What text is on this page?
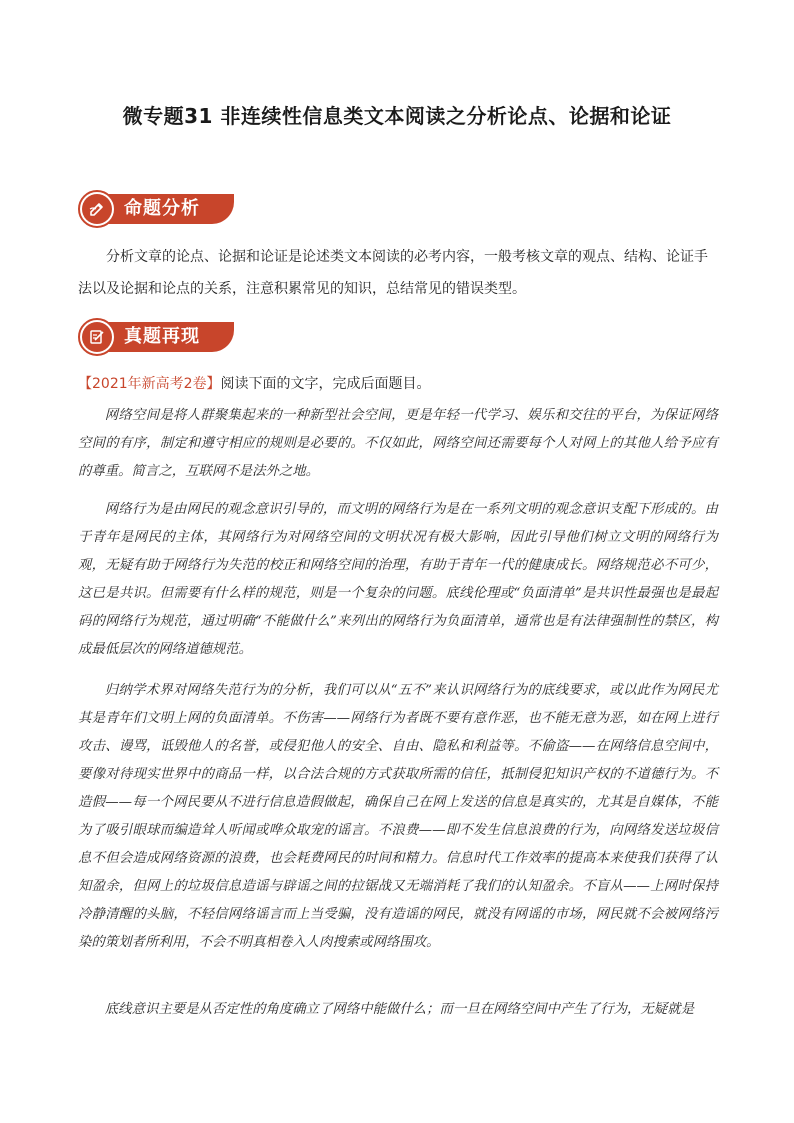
微专题31 非连续性信息类文本阅读之分析论点、论据和论证
命题分析

分析文章的论点、论据和论证是论述类文本阅读的必考内容，一般考核文章的观点、结构、论证手法以及论据和论点的关系，注意积累常见的知识，总结常见的错误类型。

真题再现
【2021年新高考2卷】阅读下面的文字，完成后面题目。

网络空间是将人群聚集起来的一种新型社会空间，更是年轻一代学习、娱乐和交往的平台，为保证网络空间的有序，制定和遵守相应的规则是必要的。不仅如此，网络空间还需要每个人对网上的其他人给予应有的尊重。简言之，互联网不是法外之地。

网络行为是由网民的观念意识引导的，而文明的网络行为是在一系列文明的观念意识支配下形成的。由于青年是网民的主体，其网络行为对网络空间的文明状况有极大影响，因此引导他们树立文明的网络行为观，无疑有助于网络行为失范的校正和网络空间的治理，有助于青年一代的健康成长。网络规范必不可少，这已是共识。但需要有什么样的规范，则是一个复杂的问题。底线伦理或“负面清单”是共识性最强也是最起码的网络行为规范，通过明确“不能做什么”来列出的网络行为负面清单，通常也是有法律强制性的禁区，构成最低层次的网络道德规范。

归纳学术界对网络失范行为的分析，我们可以从“五不”来认识网络行为的底线要求，或以此作为网民尤其是青年们文明上网的负面清单。不伤害——网络行为者既不要有意作恶，也不能无意为恶，如在网上进行攻击、谩骂，诋毁他人的名誉，或侵犯他人的安全、自由、隐私和利益等。不偷盗——在网络信息空间中，要像对待现实世界中的商品一样，以合法合规的方式获取所需的信任，抵制侵犯知识产权的不道德行为。不造假——每一个网民要从不进行信息造假做起，确保自己在网上发送的信息是真实的，尤其是自媒体，不能为了吸引眼球而编造耸人听闻或哗众取宠的谣言。不浪费——即不发生信息浪费的行为，向网络发送垃圾信息不但会造成网络资源的浪费，也会耗费网民的时间和精力。信息时代工作效率的提高本来使我们获得了认知盈余，但网上的垃圾信息造谣与辟谣之间的拉锯战又无端消耗了我们的认知盈余。不盲从——上网时保持冷静清醒的头脑，不轻信网络谣言而上当受骗，没有造谣的网民，就没有网谣的市场，网民就不会被网络污染的策划者所利用，不会不明真相卷入人肉搜索或网络围攻。

底线意识主要是从否定性的角度确立了网络中能做什么；而一旦在网络空间中产生了行为，无疑就是
